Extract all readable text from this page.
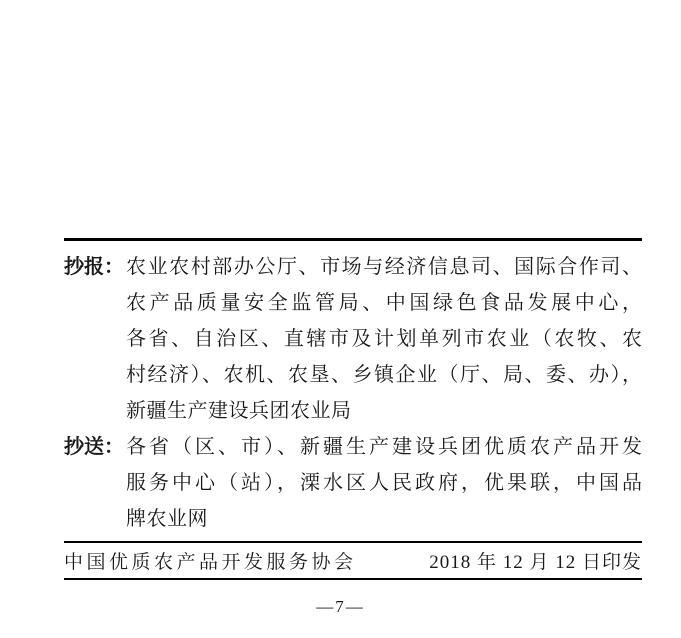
抄报： 农业农村部办公厅、市场与经济信息司、国际合作司、
农产品质量安全监管局、中国绿色食品发展中心，
各省、自治区、直辖市及计划单列市农业（农牧、农
村经济）、农机、农垦、乡镇企业（厅、局、委、办），
新疆生产建设兵团农业局
抄送： 各省（区、市）、新疆生产建设兵团优质农产品开发
服务中心（站），溧水区人民政府，优果联，中国品
牌农业网
中国优质农产品开发服务协会	2018 年 12 月 12 日印发
—7—
